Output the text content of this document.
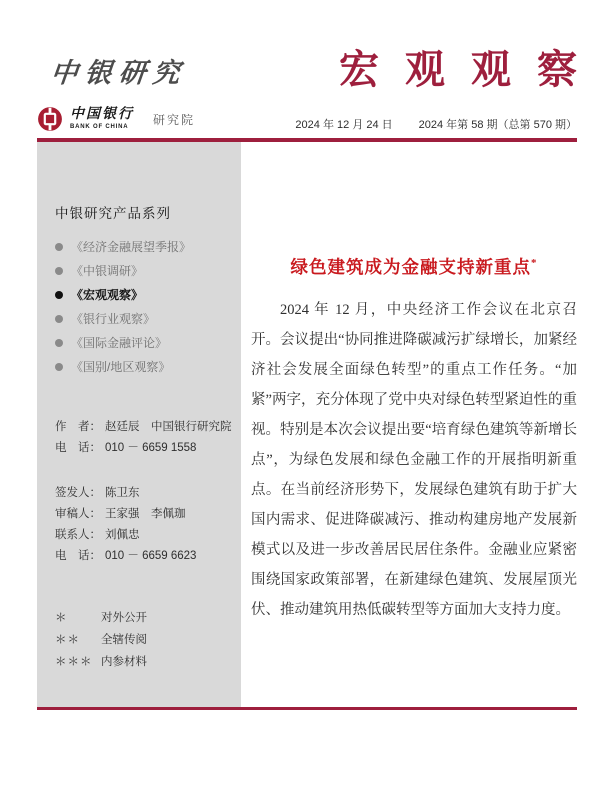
中银研究	宏 观 观 察
中国银行
BANK OF CHINA
研究院	2024 年 12 月 24 日 2024 年第 58 期（总第 570 期）
中银研究产品系列
《经济金融展望季报》
《中银调研》
《宏观观察》
《银行业观察》
《国际金融评论》
《国别/地区观察》
作　者： 赵廷辰　中国银行研究院
电　话： 010 － 6659 1558
签发人： 陈卫东
审稿人： 王家强　李佩珈
联系人： 刘佩忠
电　话： 010 － 6659 6623
＊	对外公开
＊＊	全辖传阅
＊＊＊ 内参材料
绿色建筑成为金融支持新重点*

2024 年 12 月，中央经济工作会议在北京召开。会议提出“协同推进降碳减污扩绿增长，加紧经济社会发展全面绿色转型”的重点工作任务。“加紧”两字，充分体现了党中央对绿色转型紧迫性的重视。特别是本次会议提出要“培育绿色建筑等新增长点”，为绿色发展和绿色金融工作的开展指明新重点。在当前经济形势下，发展绿色建筑有助于扩大国内需求、促进降碳减污、推动构建房地产发展新模式以及进一步改善居民居住条件。金融业应紧密围绕国家政策部署，在新建绿色建筑、发展屋顶光伏、推动建筑用热低碳转型等方面加大支持力度。
